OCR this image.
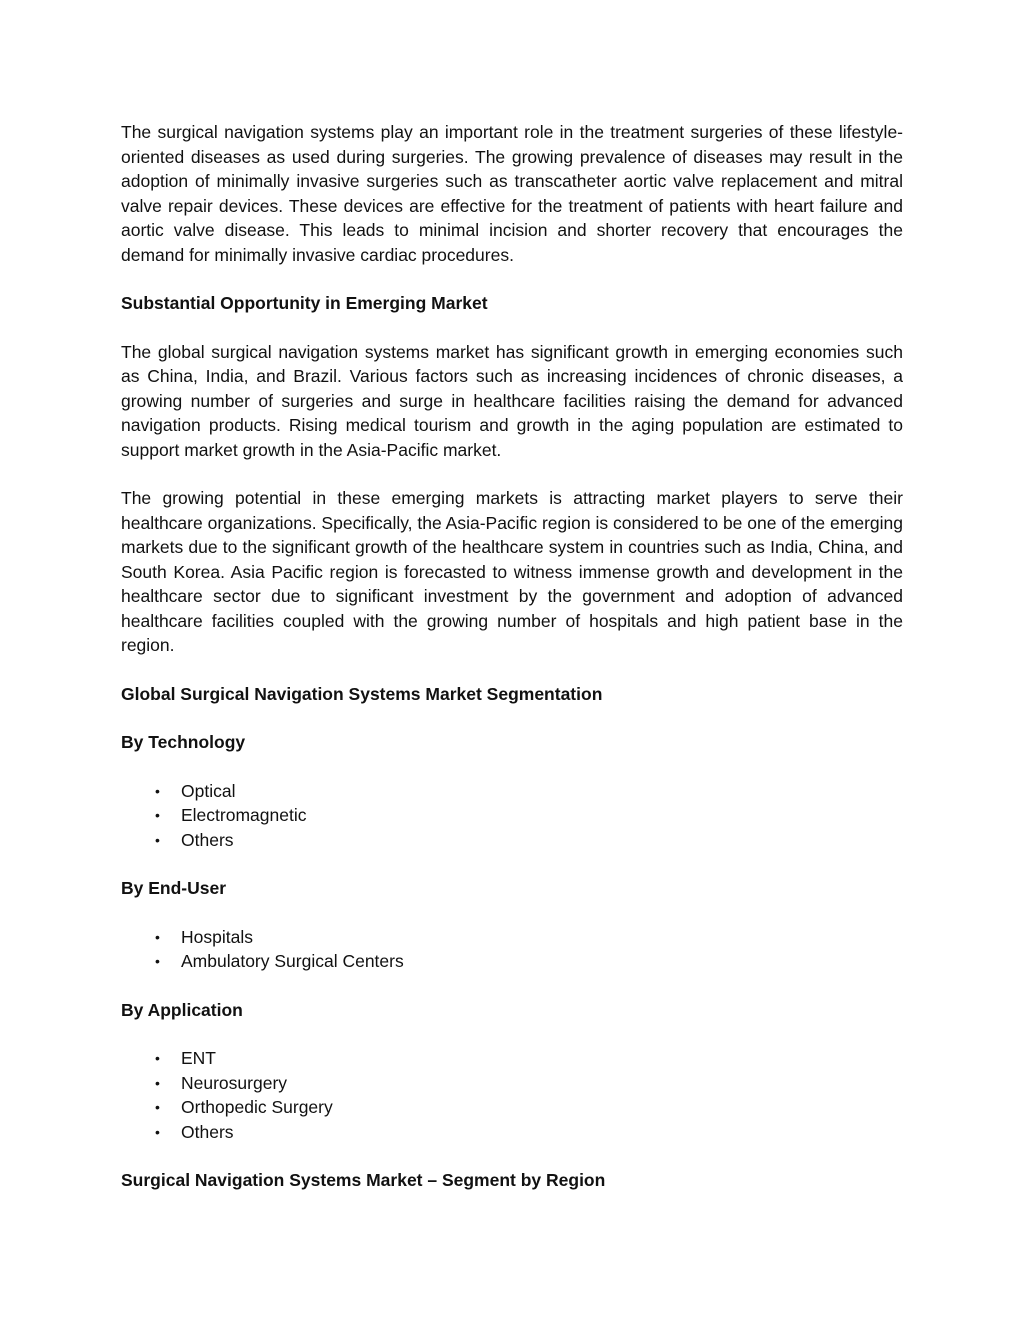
The surgical navigation systems play an important role in the treatment surgeries of these lifestyle-oriented diseases as used during surgeries. The growing prevalence of diseases may result in the adoption of minimally invasive surgeries such as transcatheter aortic valve replacement and mitral valve repair devices. These devices are effective for the treatment of patients with heart failure and aortic valve disease. This leads to minimal incision and shorter recovery that encourages the demand for minimally invasive cardiac procedures.

Substantial Opportunity in Emerging Market

The global surgical navigation systems market has significant growth in emerging economies such as China, India, and Brazil. Various factors such as increasing incidences of chronic diseases, a growing number of surgeries and surge in healthcare facilities raising the demand for advanced navigation products. Rising medical tourism and growth in the aging population are estimated to support market growth in the Asia-Pacific market.

The growing potential in these emerging markets is attracting market players to serve their healthcare organizations. Specifically, the Asia-Pacific region is considered to be one of the emerging markets due to the significant growth of the healthcare system in countries such as India, China, and South Korea. Asia Pacific region is forecasted to witness immense growth and development in the healthcare sector due to significant investment by the government and adoption of advanced healthcare facilities coupled with the growing number of hospitals and high patient base in the region.

Global Surgical Navigation Systems Market Segmentation

By Technology

• Optical
• Electromagnetic
• Others

By End-User

• Hospitals
• Ambulatory Surgical Centers

By Application

• ENT
• Neurosurgery
• Orthopedic Surgery
• Others

Surgical Navigation Systems Market – Segment by Region
